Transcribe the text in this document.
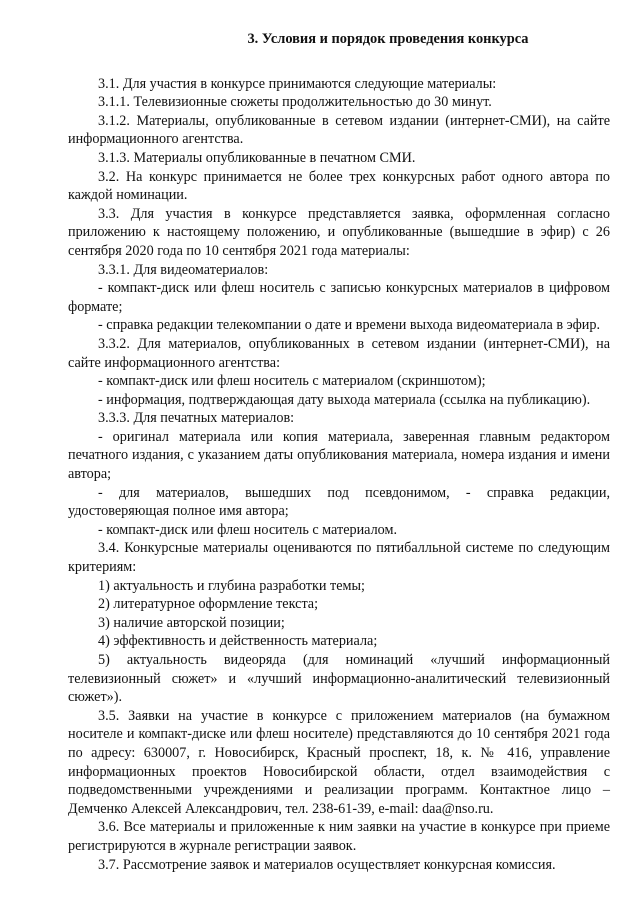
3. Условия и порядок проведения конкурса

3.1. Для участия в конкурсе принимаются следующие материалы:

3.1.1. Телевизионные сюжеты продолжительностью до 30 минут.

3.1.2. Материалы, опубликованные в сетевом издании (интернет-СМИ), на сайте информационного агентства.

3.1.3. Материалы опубликованные в печатном СМИ.

3.2. На конкурс принимается не более трех конкурсных работ одного автора по каждой номинации.

3.3. Для участия в конкурсе представляется заявка, оформленная согласно приложению к настоящему положению, и опубликованные (вышедшие в эфир) с 26 сентября 2020 года по 10 сентября 2021 года материалы:

3.3.1. Для видеоматериалов:

- компакт-диск или флеш носитель с записью конкурсных материалов в цифровом формате;

- справка редакции телекомпании о дате и времени выхода видеоматериала в эфир.

3.3.2. Для материалов, опубликованных в сетевом издании (интернет-СМИ), на сайте информационного агентства:

- компакт-диск или флеш носитель с материалом (скриншотом);

- информация, подтверждающая дату выхода материала (ссылка на публикацию).

3.3.3. Для печатных материалов:

- оригинал материала или копия материала, заверенная главным редактором печатного издания, с указанием даты опубликования материала, номера издания и имени автора;

- для материалов, вышедших под псевдонимом, - справка редакции, удостоверяющая полное имя автора;

- компакт-диск или флеш носитель с материалом.

3.4. Конкурсные материалы оцениваются по пятибалльной системе по следующим критериям:

1) актуальность и глубина разработки темы;

2) литературное оформление текста;

3) наличие авторской позиции;

4) эффективность и действенность материала;

5) актуальность видеоряда (для номинаций «лучший информационный телевизионный сюжет» и «лучший информационно-аналитический телевизионный сюжет»).

3.5. Заявки на участие в конкурсе с приложением материалов (на бумажном носителе и компакт-диске или флеш носителе) представляются до 10 сентября 2021 года по адресу: 630007, г. Новосибирск, Красный проспект, 18, к. № 416, управление информационных проектов Новосибирской области, отдел взаимодействия с подведомственными учреждениями и реализации программ. Контактное лицо – Демченко Алексей Александрович, тел. 238-61-39, e-mail: daa@nso.ru.

3.6. Все материалы и приложенные к ним заявки на участие в конкурсе при приеме регистрируются в журнале регистрации заявок.

3.7. Рассмотрение заявок и материалов осуществляет конкурсная комиссия.
